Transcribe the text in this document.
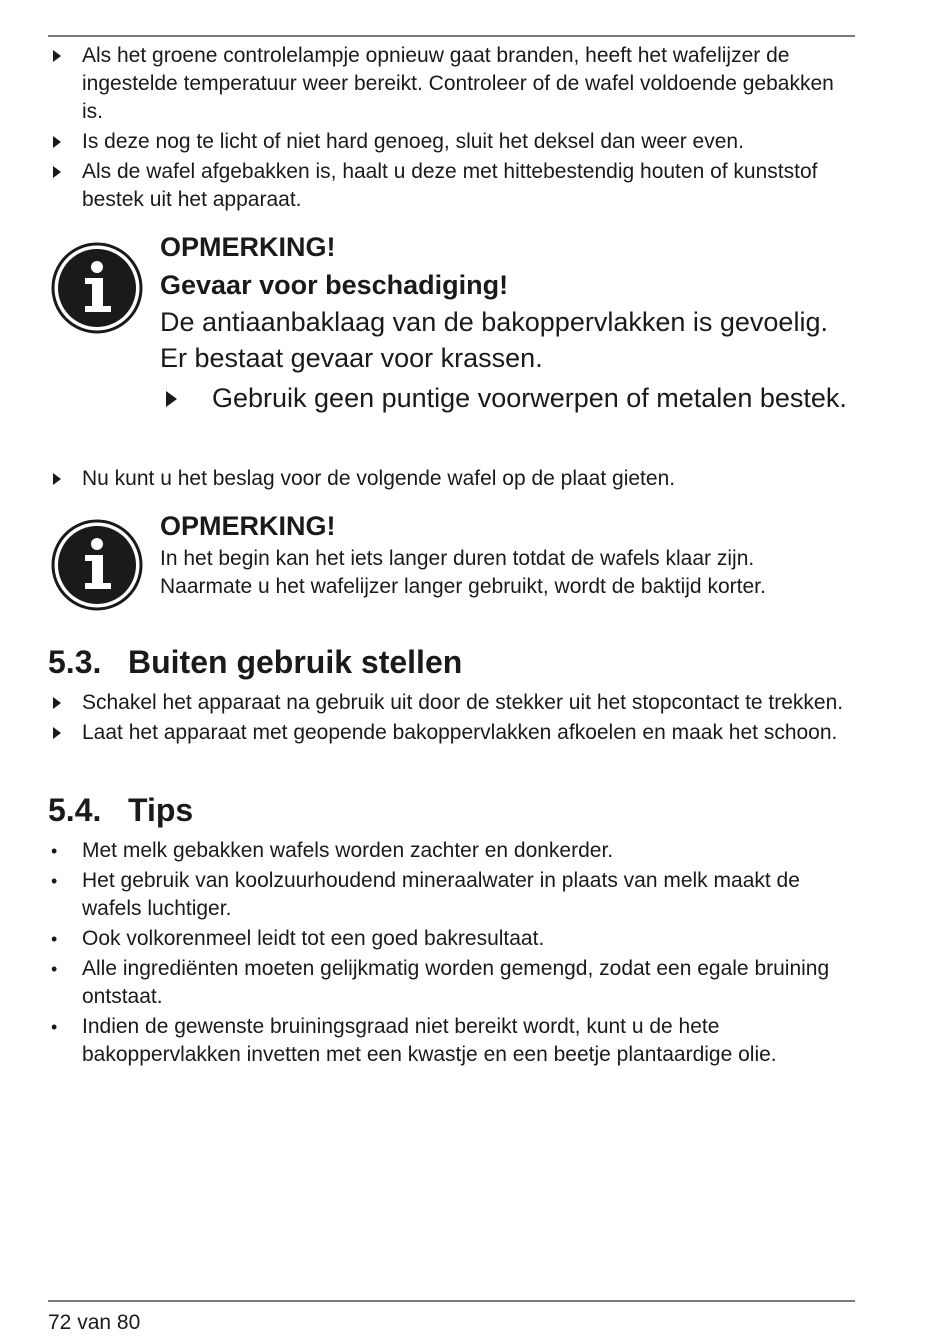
Als het groene controlelampje opnieuw gaat branden, heeft het wafelijzer de ingestelde temperatuur weer bereikt. Controleer of de wafel voldoende gebakken is.
Is deze nog te licht of niet hard genoeg, sluit het deksel dan weer even.
Als de wafel afgebakken is, haalt u deze met hittebestendig houten of kunststof bestek uit het apparaat.
OPMERKING!
Gevaar voor beschadiging!
De antiaanbaklaag van de bakoppervlakken is gevoelig. Er bestaat gevaar voor krassen.
Gebruik geen puntige voorwerpen of metalen bestek.
Nu kunt u het beslag voor de volgende wafel op de plaat gieten.
OPMERKING!
In het begin kan het iets langer duren totdat de wafels klaar zijn. Naarmate u het wafelijzer langer gebruikt, wordt de baktijd korter.
5.3. Buiten gebruik stellen
Schakel het apparaat na gebruik uit door de stekker uit het stopcontact te trekken.
Laat het apparaat met geopende bakoppervlakken afkoelen en maak het schoon.
5.4. Tips
• Met melk gebakken wafels worden zachter en donkerder.
• Het gebruik van koolzuurhoudend mineraalwater in plaats van melk maakt de wafels luchtiger.
• Ook volkorenmeel leidt tot een goed bakresultaat.
• Alle ingrediënten moeten gelijkmatig worden gemengd, zodat een egale bruining ontstaat.
• Indien de gewenste bruiningsgraad niet bereikt wordt, kunt u de hete bakoppervlakken invetten met een kwastje en een beetje plantaardige olie.
72 van 80
